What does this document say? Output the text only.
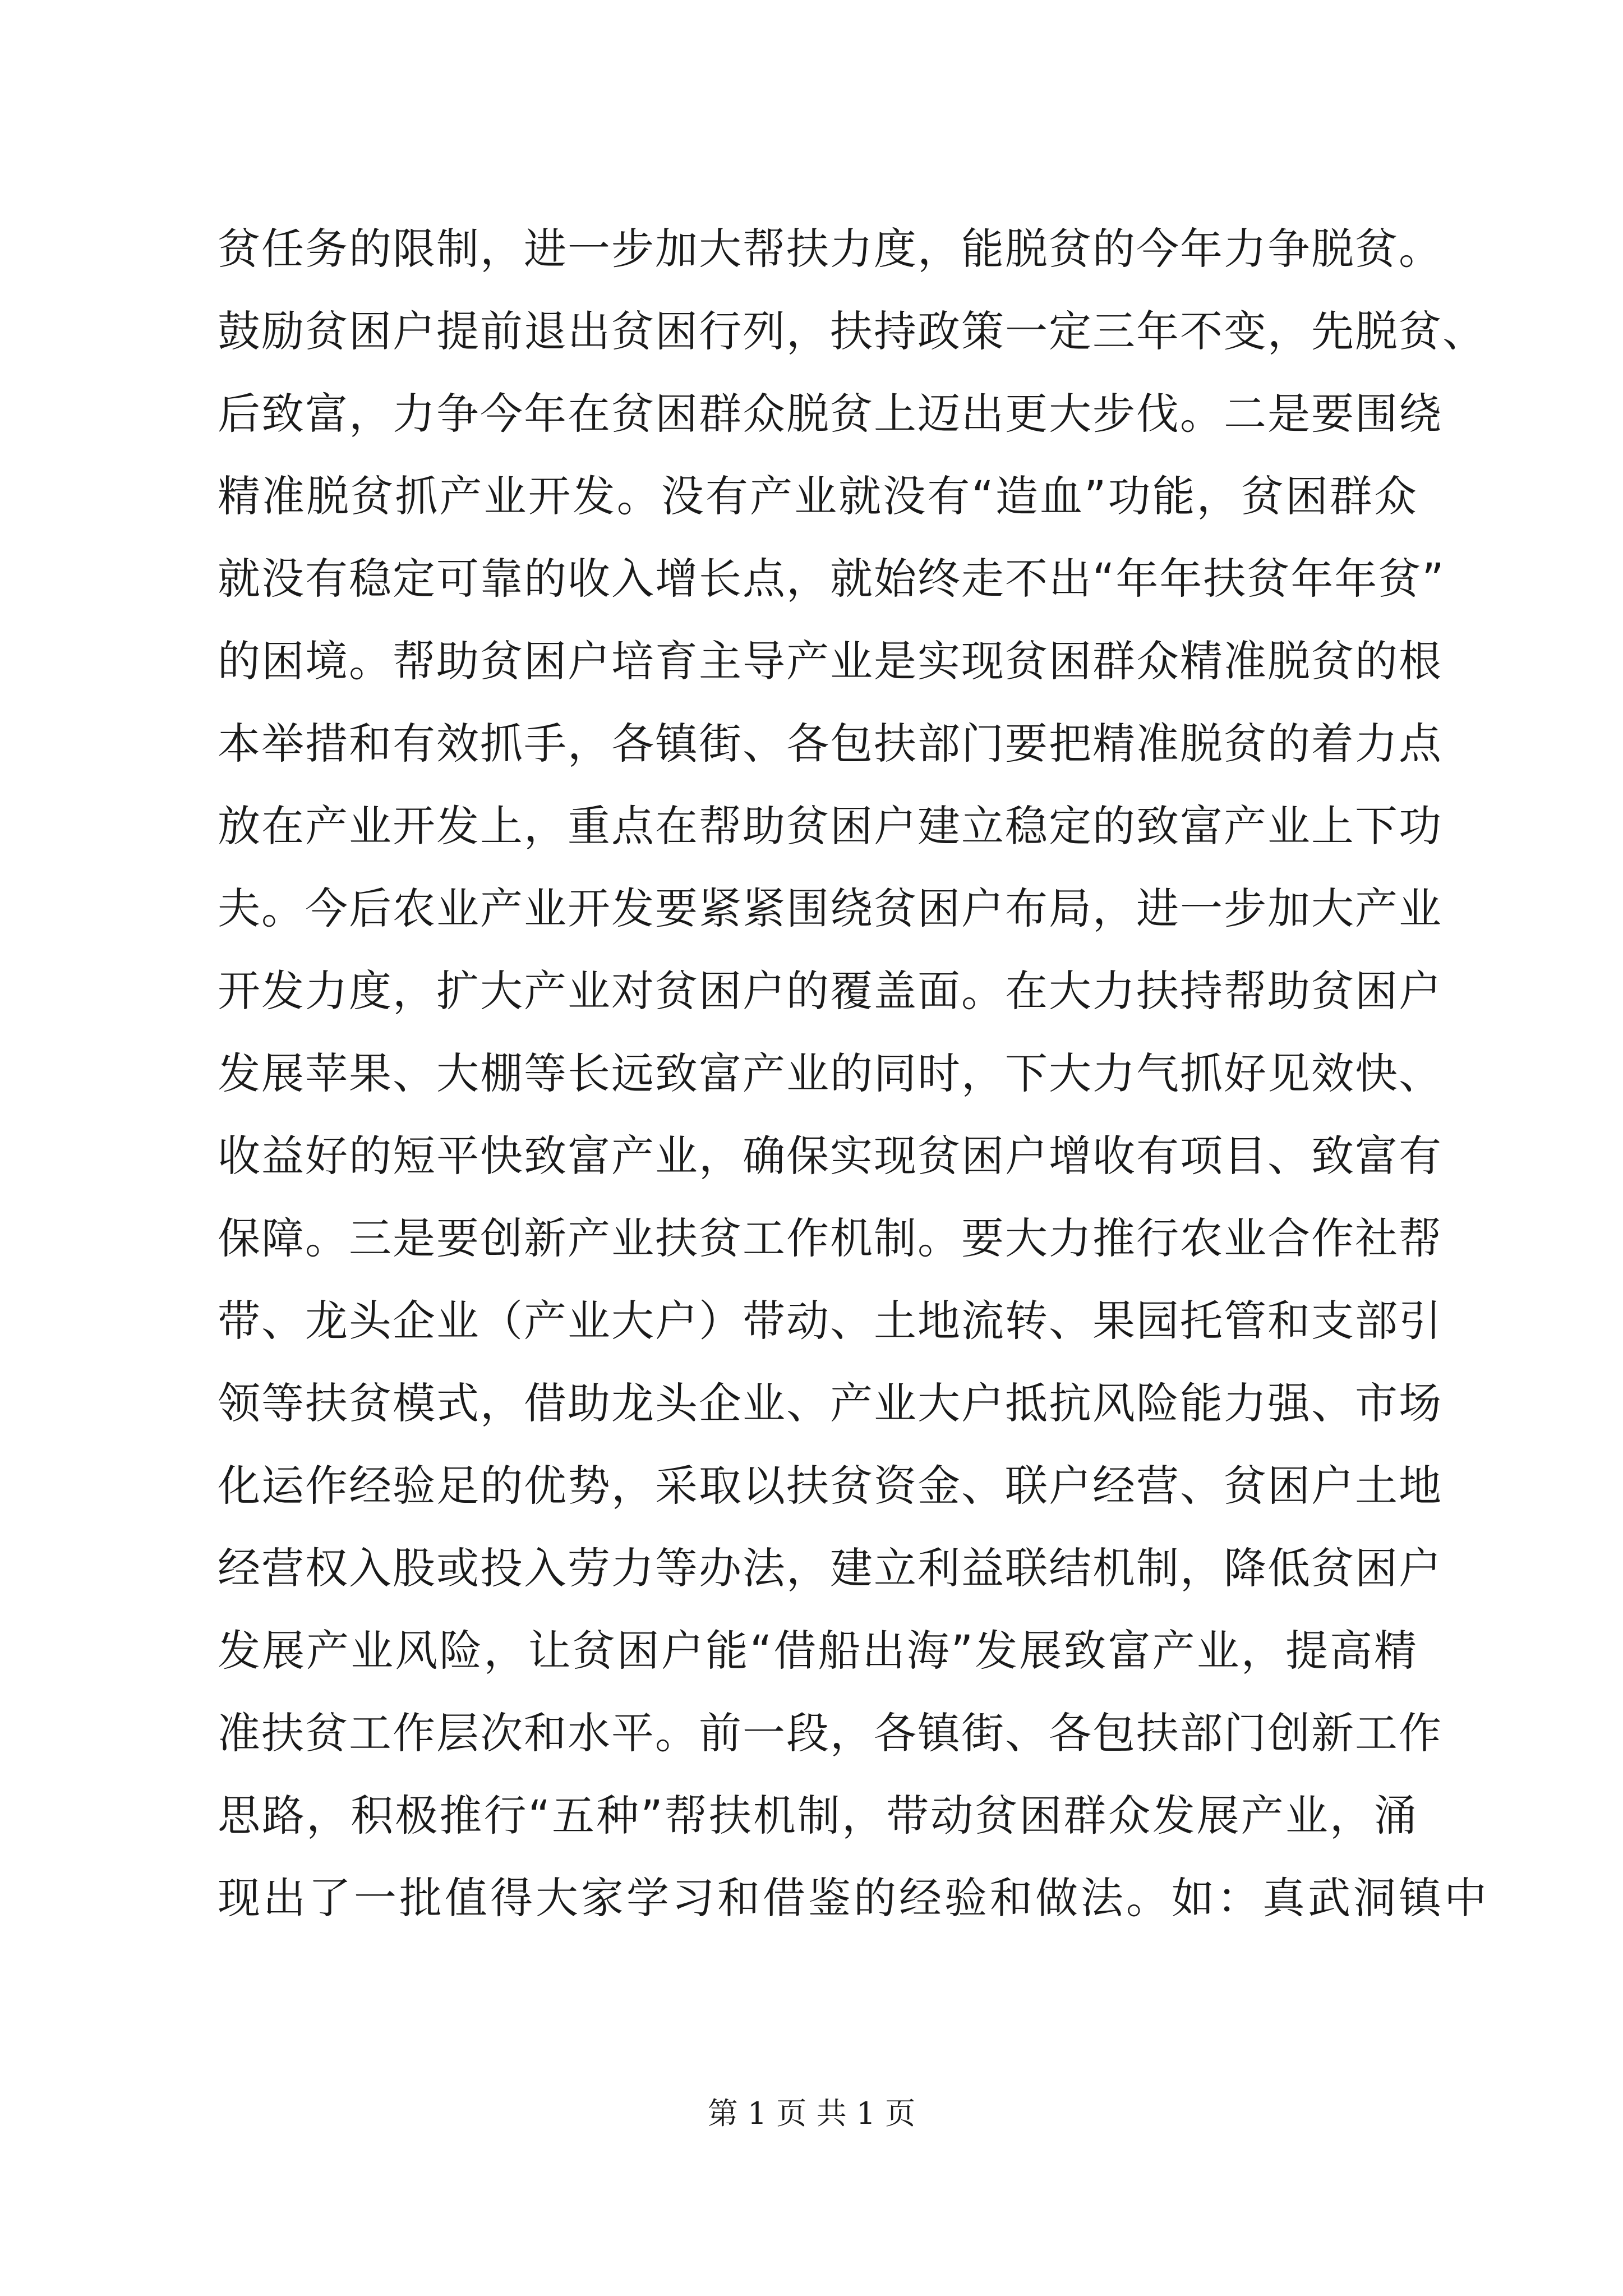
贫任务的限制，进一步加大帮扶力度，能脱贫的今年力争脱贫。
鼓励贫困户提前退出贫困行列，扶持政策一定三年不变，先脱贫、
后致富，力争今年在贫困群众脱贫上迈出更大步伐。二是要围绕
精准脱贫抓产业开发。没有产业就没有“造血”功能，贫困群众
就没有稳定可靠的收入增长点，就始终走不出“年年扶贫年年贫”
的困境。帮助贫困户培育主导产业是实现贫困群众精准脱贫的根
本举措和有效抓手，各镇街、各包扶部门要把精准脱贫的着力点
放在产业开发上，重点在帮助贫困户建立稳定的致富产业上下功
夫。今后农业产业开发要紧紧围绕贫困户布局，进一步加大产业
开发力度，扩大产业对贫困户的覆盖面。在大力扶持帮助贫困户
发展苹果、大棚等长远致富产业的同时，下大力气抓好见效快、
收益好的短平快致富产业，确保实现贫困户增收有项目、致富有
保障。三是要创新产业扶贫工作机制。要大力推行农业合作社帮
带、龙头企业（产业大户）带动、土地流转、果园托管和支部引
领等扶贫模式，借助龙头企业、产业大户抵抗风险能力强、市场
化运作经验足的优势，采取以扶贫资金、联户经营、贫困户土地
经营权入股或投入劳力等办法，建立利益联结机制，降低贫困户
发展产业风险，让贫困户能“借船出海”发展致富产业，提高精
准扶贫工作层次和水平。前一段，各镇街、各包扶部门创新工作
思路，积极推行“五种”帮扶机制，带动贫困群众发展产业，涌
现出了一批值得大家学习和借鉴的经验和做法。如：真武洞镇中
第 1 页 共 1 页
